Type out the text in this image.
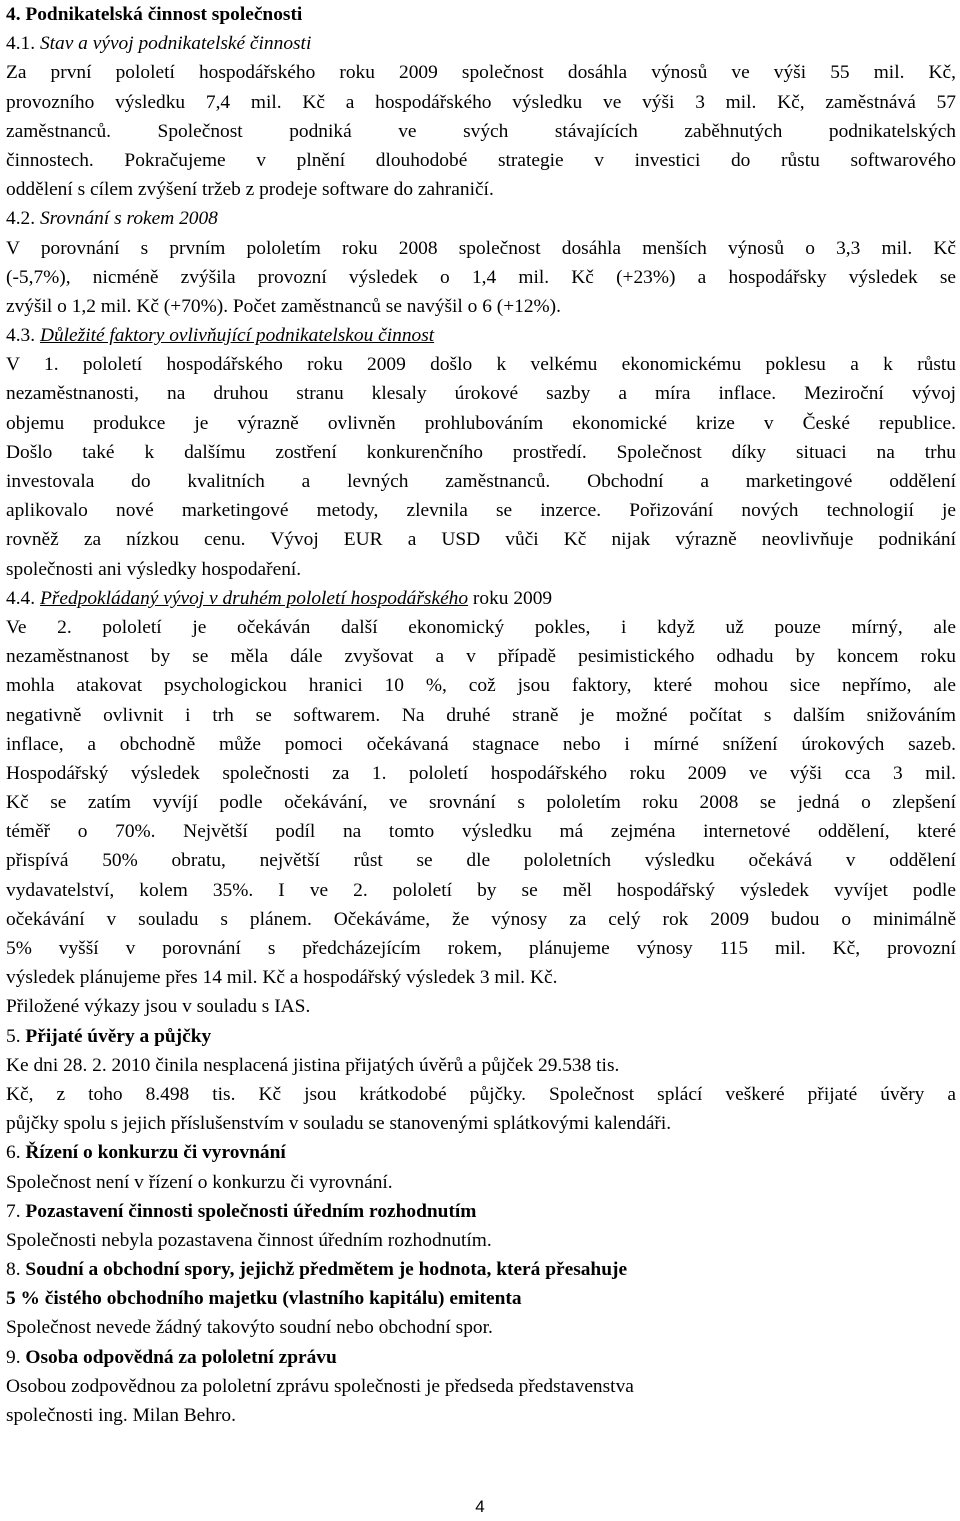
4. Podnikatelská činnost společnosti

4.1. Stav a vývoj podnikatelské činnosti

Za první pololetí hospodářského roku 2009 společnost dosáhla výnosů ve výši 55 mil. Kč,

provozního výsledku 7,4 mil. Kč a hospodářského výsledku ve výši 3 mil. Kč, zaměstnává 57

zaměstnanců. Společnost podniká ve svých stávajících zaběhnutých podnikatelských

činnostech. Pokračujeme v plnění dlouhodobé strategie v investici do růstu softwarového

oddělení s cílem zvýšení tržeb z prodeje software do zahraničí.

4.2. Srovnání s rokem 2008

V porovnání s prvním pololetím roku 2008 společnost dosáhla menších výnosů o 3,3 mil. Kč

(-5,7%), nicméně zvýšila provozní výsledek o 1,4 mil. Kč (+23%) a hospodářsky výsledek se

zvýšil o 1,2 mil. Kč (+70%). Počet zaměstnanců se navýšil o 6 (+12%).

4.3. Důležité faktory ovlivňující podnikatelskou činnost

V 1. pololetí hospodářského roku 2009 došlo k velkému ekonomickému poklesu a k růstu

nezaměstnanosti, na druhou stranu klesaly úrokové sazby a míra inflace. Meziroční vývoj

objemu produkce je výrazně ovlivněn prohlubováním ekonomické krize v České republice.

Došlo také k dalšímu zostření konkurenčního prostředí. Společnost díky situaci na trhu

investovala do kvalitních a levných zaměstnanců. Obchodní a marketingové oddělení

aplikovalo nové marketingové metody, zlevnila se inzerce. Pořizování nových technologií je

rovněž za nízkou cenu. Vývoj EUR a USD vůči Kč nijak výrazně neovlivňuje podnikání

společnosti ani výsledky hospodaření.

4.4. Předpokládaný vývoj v druhém pololetí hospodářského roku 2009

Ve 2. pololetí je očekáván další ekonomický pokles, i když už pouze mírný, ale

nezaměstnanost by se měla dále zvyšovat a v případě pesimistického odhadu by koncem roku

mohla atakovat psychologickou hranici 10 %, což jsou faktory, které mohou sice nepřímo, ale

negativně ovlivnit i trh se softwarem. Na druhé straně je možné počítat s dalším snižováním

inflace, a obchodně může pomoci očekávaná stagnace nebo i mírné snížení úrokových sazeb.

Hospodářský výsledek společnosti za 1. pololetí hospodářského roku 2009 ve výši cca 3 mil.

Kč se zatím vyvíjí podle očekávání, ve srovnání s pololetím roku 2008 se jedná o zlepšení

téměř o 70%. Největší podíl na tomto výsledku má zejména internetové oddělení, které

přispívá 50% obratu, největší růst se dle pololetních výsledku očekává v oddělení

vydavatelství, kolem 35%. I ve 2. pololetí by se měl hospodářský výsledek vyvíjet podle

očekávání v souladu s plánem. Očekáváme, že výnosy za celý rok 2009 budou o minimálně

5% vyšší v porovnání s předcházejícím rokem, plánujeme výnosy 115 mil. Kč, provozní

výsledek plánujeme přes 14 mil. Kč a hospodářský výsledek 3 mil. Kč.

Přiložené výkazy jsou v souladu s IAS.

5. Přijaté úvěry a půjčky

Ke dni 28. 2. 2010 činila nesplacená jistina přijatých úvěrů a půjček 29.538 tis.

Kč, z toho 8.498 tis. Kč jsou krátkodobé půjčky. Společnost splácí veškeré přijaté úvěry a

půjčky spolu s jejich příslušenstvím v souladu se stanovenými splátkovými kalendáři.

6. Řízení o konkurzu či vyrovnání

Společnost není v řízení o konkurzu či vyrovnání.

7. Pozastavení činnosti společnosti úředním rozhodnutím

Společnosti nebyla pozastavena činnost úředním rozhodnutím.

8. Soudní a obchodní spory, jejichž předmětem je hodnota, která přesahuje

5 % čistého obchodního majetku (vlastního kapitálu) emitenta

Společnost nevede žádný takovýto soudní nebo obchodní spor.

9. Osoba odpovědná za pololetní zprávu

Osobou zodpovědnou za pololetní zprávu společnosti je předseda představenstva

společnosti ing. Milan Behro.

4
